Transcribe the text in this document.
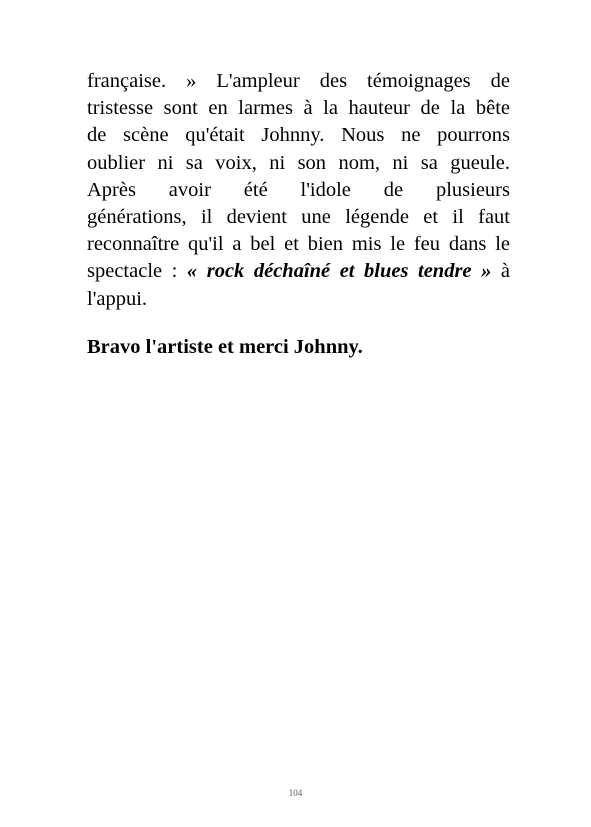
française. » L'ampleur des témoignages de
tristesse sont en larmes à la hauteur de la bête
de scène qu'était Johnny. Nous ne pourrons
oublier ni sa voix, ni son nom, ni sa gueule.
Après avoir été l'idole de plusieurs
générations, il devient une légende et il faut
reconnaître qu'il a bel et bien mis le feu dans le
spectacle : « rock déchaîné et blues tendre » à
l'appui.

Bravo l'artiste et merci Johnny.

104
